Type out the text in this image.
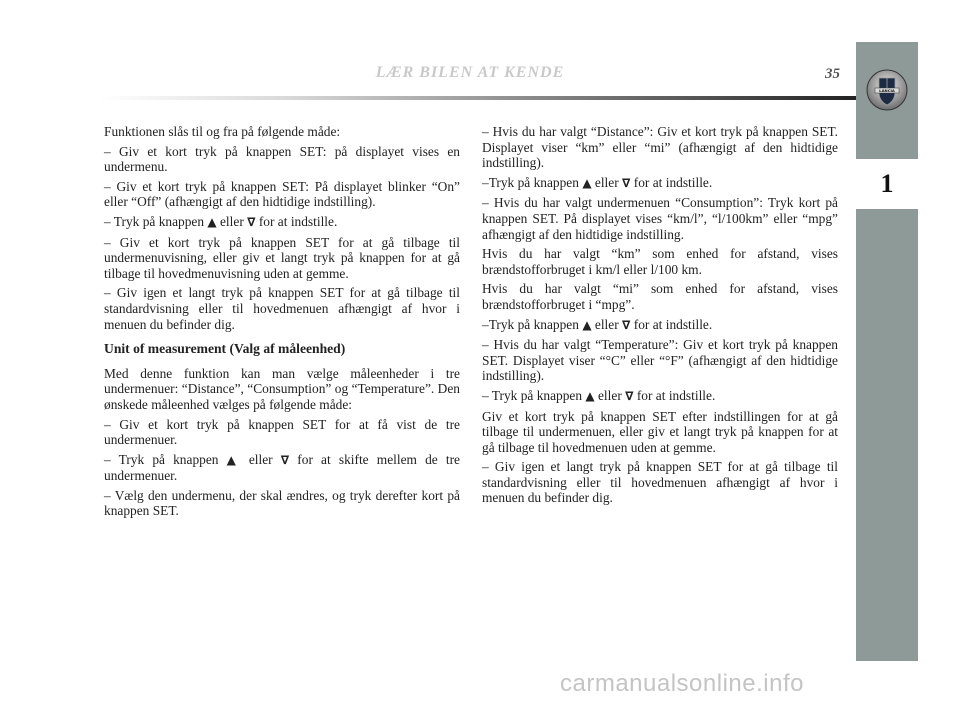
LÆR BILEN AT KENDE	35
LANCIA
1

Funktionen slås til og fra på følgende måde:

– Giv et kort tryk på knappen SET: på displayet vises en undermenu.

– Giv et kort tryk på knappen SET: På displayet blinker “On” eller “Off” (afhængigt af den hidtidige indstilling).

– Tryk på knappen ▲ eller ∇ for at indstille.

– Giv et kort tryk på knappen SET for at gå tilbage til undermenuvisning, eller giv et langt tryk på knappen for at gå tilbage til hovedmenuvisning uden at gemme.

– Giv igen et langt tryk på knappen SET for at gå tilbage til standardvisning eller til hovedmenuen afhængigt af hvor i menuen du befinder dig.

Unit of measurement (Valg af måleenhed)

Med denne funktion kan man vælge måleenheder i tre undermenuer: “Distance”, “Consumption” og “Temperature”. Den ønskede måleenhed vælges på følgende måde:

– Giv et kort tryk på knappen SET for at få vist de tre undermenuer.

– Tryk på knappen ▲ eller ∇ for at skifte mellem de tre undermenuer.

– Vælg den undermenu, der skal ændres, og tryk derefter kort på knappen SET.

– Hvis du har valgt “Distance”: Giv et kort tryk på knappen SET. Displayet viser “km” eller “mi” (afhængigt af den hidtidige indstilling).

–Tryk på knappen ▲ eller ∇ for at indstille.

– Hvis du har valgt undermenuen “Consumption”: Tryk kort på knappen SET. På displayet vises “km/l”, “l/100km” eller “mpg” afhængigt af den hidtidige indstilling.

Hvis du har valgt “km” som enhed for afstand, vises brændstofforbruget i km/l eller l/100 km.

Hvis du har valgt “mi” som enhed for afstand, vises brændstofforbruget i “mpg”.

–Tryk på knappen ▲ eller ∇ for at indstille.

– Hvis du har valgt “Temperature”: Giv et kort tryk på knappen SET. Displayet viser “°C” eller “°F” (afhængigt af den hidtidige indstilling).

– Tryk på knappen ▲ eller ∇ for at indstille.

Giv et kort tryk på knappen SET efter indstillingen for at gå tilbage til undermenuen, eller giv et langt tryk på knappen for at gå tilbage til hovedmenuen uden at gemme.

– Giv igen et langt tryk på knappen SET for at gå tilbage til standardvisning eller til hovedmenuen afhængigt af hvor i menuen du befinder dig.

carmanualsonline.info
